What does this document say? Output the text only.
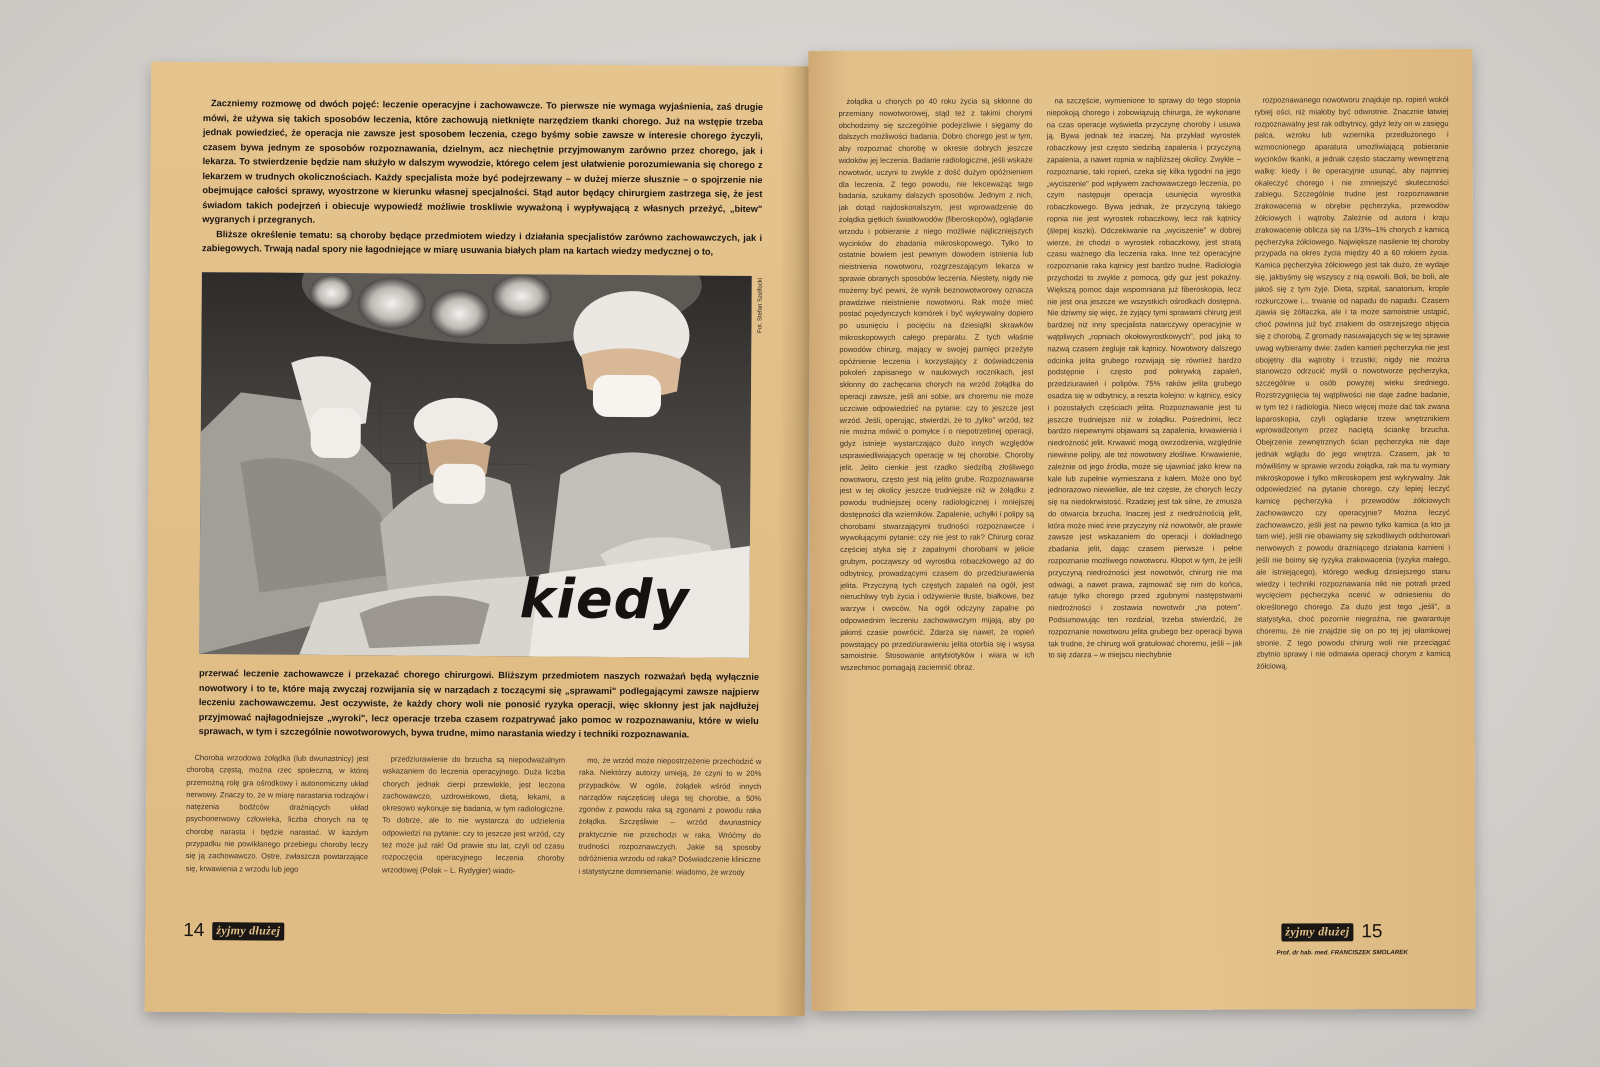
Zaczniemy rozmowę od dwóch pojęć: leczenie operacyjne i zachowawcze. To pierwsze nie wymaga wyjaśnienia, zaś drugie mówi, że używa się takich sposobów leczenia, które zachowują nietknięte narzędziem tkanki chorego. Już na wstępie trzeba jednak powiedzieć, że operacja nie zawsze jest sposobem leczenia, czego byśmy sobie zawsze w interesie chorego życzyli, czasem bywa jednym ze sposobów rozpoznawania, dzielnym, acz niechętnie przyjmowanym zarówno przez chorego, jak i lekarza. To stwierdzenie będzie nam służyło w dalszym wywodzie, którego celem jest ułatwienie porozumiewania się chorego z lekarzem w trudnych okolicznościach. Każdy specjalista może być podejrzewany – w dużej mierze słusznie – o spojrzenie nie obejmujące całości sprawy, wyostrzone w kierunku własnej specjalności. Stąd autor będący chirurgiem zastrzega się, że jest świadom takich podejrzeń i obiecuje wypowiedź możliwie troskliwie wyważoną i wypływającą z własnych przeżyć, „bitew" wygranych i przegranych.

Bliższe określenie tematu: są choroby będące przedmiotem wiedzy i działania specjalistów zarówno zachowawczych, jak i zabiegowych. Trwają nadal spory nie łagodniejące w miarę usuwania białych plam na kartach wiedzy medycznej o to,

Fot. Stefan Szelfocki
kiedy
przerwać leczenie zachowawcze i przekazać chorego chirurgowi. Bliższym przedmiotem naszych rozważań będą wyłącznie nowotwory i to te, które mają zwyczaj rozwijania się w narządach z toczącymi się „sprawami" podlegającymi zawsze najpierw leczeniu zachowawczemu. Jest oczywiste, że każdy chory woli nie ponosić ryzyka operacji, więc skłonny jest jak najdłużej przyjmować najłagodniejsze „wyroki", lecz operacje trzeba czasem rozpatrywać jako pomoc w rozpoznawaniu, które w wielu sprawach, w tym i szczególnie nowotworowych, bywa trudne, mimo narastania wiedzy i techniki rozpoznawania.
Choroba wrzodowa żołądka (lub dwunastnicy) jest chorobą częstą, można rzec społeczną, w której przemożną rolę gra ośrodkowy i autonomiczny układ nerwowy. Znaczy to, że w miarę narastania rodzajów i natężenia bodźców drażniących układ psychonerwowy człowieka, liczba chorych na tę chorobę narasta i będzie narastać. W każdym przypadku nie powikłanego przebiegu choroby leczy się ją zachowawczo. Ostre, zwłaszcza powtarzające się, krwawienia z wrzodu lub jego
przedziurawienie do brzucha są niepodważalnym wskazaniem do leczenia operacyjnego. Duża liczba chorych jednak cierpi przewlekle, jest leczona zachowawczo, uzdrowiskowo, dietą, lekami, a okresowo wykonuje się badania, w tym radiologiczne. To dobrze, ale to nie wystarcza do udzielenia odpowiedzi na pytanie: czy to jeszcze jest wrzód, czy też może już rak! Od prawie stu lat, czyli od czasu rozpoczęcia operacyjnego leczenia choroby wrzodowej (Polak – L. Rydygier) wiado-
mo, że wrzód może niepostrzeżenie przechodzić w raka. Niektórzy autorzy umieją, że czyni to w 20% przypadków. W ogóle, żołądek wśród innych narządów najczęściej ulega tej chorobie, a 50% zgonów z powodu raka są zgonami z powodu raka żołądka. Szczęśliwie – wrzód dwunastnicy praktycznie nie przechodzi w raka. Wróćmy do trudności rozpoznawczych. Jakie są sposoby odróżnienia wrzodu od raka? Doświadczenie kliniczne i statystyczne domniemanie: wiadomo, że wrzody
14 żyjmy dłużej
żołądka u chorych po 40 roku życia są skłonne do przemiany nowotworowej, stąd też z takimi chorymi obchodzimy się szczególnie podejrzliwie i sięgamy do dalszych możliwości badania. Dobro chorego jest w tym, aby rozpoznać chorobę w okresie dobrych jeszcze widoków jej leczenia. Badanie radiologiczne, jeśli wskaże nowotwór, uczyni to zwykle z dość dużym opóźnieniem dla leczenia. Z tego powodu, nie lekceważąc tego badania, szukamy dalszych sposobów. Jednym z nich, jak dotąd najdoskonalszym, jest wprowadzenie do żołądka giętkich światłowodów (fiberoskopów), oglądanie wrzodu i pobieranie z niego możliwie najliczniejszych wycinków do zbadania mikroskopowego. Tylko to ostatnie bowiem jest pewnym dowodem istnienia lub nieistnienia nowotworu, rozgrzeszającym lekarza w sprawie obranych sposobów leczenia. Niestety, nigdy nie możemy być pewni, że wynik beznowotworowy oznacza prawdziwe nieistnienie nowotworu. Rak może mieć postać pojedynczych komórek i być wykrywalny dopiero po usunięciu i pocięciu na dziesiątki skrawków mikroskopowych całego preparatu. Z tych właśnie powodów chirurg, mający w swojej pamięci przeżyte opóźnienie leczenia i korzystający z doświadczenia pokoleń zapisanego w naukowych rocznikach, jest skłonny do zachęcania chorych na wrzód żołądka do operacji zawsze, jeśli ani sobie, ani choremu nie może uczciwie odpowiedzieć na pytanie: czy to jeszcze jest wrzód. Jeśli, operując, stwierdzi, że to „tylko" wrzód, też nie można mówić o pomyłce i o niepotrzebnej operacji, gdyż istnieje wystarczająco dużo innych względów usprawiedliwiających operację w tej chorobie. Choroby jelit. Jelito cienkie jest rzadko siedzibą złośliwego nowotworu, często jest nią jelito grube. Rozpoznawanie jest w tej okolicy jeszcze trudniejsze niż w żołądku z powodu trudniejszej oceny radiologicznej i mniejszej dostępności dla wzierników. Zapalenie, uchyłki i polipy są chorobami stwarzającymi trudności rozpoznawcze i wywołującymi pytanie: czy nie jest to rak? Chirurg coraz częściej styka się z zapalnymi chorobami w jelicie grubym, począwszy od wyrostka robaczkowego aż do odbytnicy, prowadzącymi czasem do przedziurawienia jelita. Przyczyną tych częstych zapaleń na ogół, jest nieruchliwy tryb życia i odżywienie tłuste, białkowe, bez warzyw i owoców. Na ogół odczyny zapalne po odpowiednim leczeniu zachowawczym mijają, aby po jakimś czasie powrócić. Zdarza się nawet, że ropień powstający po przedziurawieniu jelita otorbia się i wsysa samoistnie. Stosowanie antybiotyków i wiara w ich wszechmoc pomagają zaciemnić obraz.
na szczęście, wymienione to sprawy do tego stopnia niepokoją chorego i zobowiązują chirurga, że wykonane na czas operacje wyświetla przyczynę choroby i usuwa ją. Bywa jednak też inaczej. Na przykład wyrostek robaczkowy jest często siedzibą zapalenia i przyczyną zapalenia, a nawet ropnia w najbliższej okolicy. Zwykle – rozpoznanie, taki ropień, czeka się kilka tygodni na jego „wyciszenie" pod wpływem zachowawczego leczenia, po czym następuje operacja usunięcia wyrostka robaczkowego. Bywa jednak, że przyczyną takiego ropnia nie jest wyrostek robaczkowy, lecz rak kątnicy (ślepej kiszki). Odczekiwanie na „wyciszenie" w dobrej wierze, że chodzi o wyrostek robaczkowy, jest stratą czasu ważnego dla leczenia raka. Inne też operacyjne rozpoznanie raka kątnicy jest bardzo trudne. Radiologia przychodzi to zwykle z pomocą, gdy guz jest pokaźny. Większą pomoc daje wspomniana już fiberoskopia, lecz nie jest ona jeszcze we wszystkich ośrodkach dostępna. Nie dziwmy się więc, że żyjący tymi sprawami chirurg jest bardziej niż inny specjalista natarczywy operacyjnie w wątpliwych „ropniach okołowyrostkowych", pod jaką to nazwą czasem żegluje rak kątnicy. Nowotwory dalszego odcinka jelita grubego rozwijają się również bardzo podstępnie i często pod pokrywką zapaleń, przedziurawień i polipów. 75% raków jelita grubego osadza się w odbytnicy, a reszta kolejno: w kątnicy, esicy i pozostałych częściach jelita. Rozpoznawanie jest tu jeszcze trudniejsze niż w żołądku. Pośrednimi, lecz bardzo niepewnymi objawami są zapalenia, krwawienia i niedrożność jelit. Krwawić mogą owrzodzenia, względnie niewinne polipy, ale też nowotwory złośliwe. Krwawienie, zależnie od jego źródła, może się ujawniać jako krew na kale lub zupełnie wymieszana z kałem. Może ono być jednorazowo niewielkie, ale też częste, że chorych leczy się na niedokrwistość. Rzadziej jest tak silne, że zmusza do otwarcia brzucha. Inaczej jest z niedrożnością jelit, która może mieć inne przyczyny niż nowotwór, ale prawie zawsze jest wskazaniem do operacji i dokładnego zbadania jelit, dając czasem pierwsze i pełne rozpoznanie możliwego nowotworu. Kłopot w tym, że jeśli przyczyną niedrożności jest nowotwór, chirurg nie ma odwagi, a nawet prawa, zajmować się nim do końca, ratuje tylko chorego przed zgubnymi następstwami niedrożności i zostawia nowotwór „na potem". Podsumowując ten rozdział, trzeba stwierdzić, że rozpoznanie nowotworu jelita grubego bez operacji bywa tak trudne, że chirurg woli gratulować choremu, jeśli – jak to się zdarza – w miejscu niechybnie
rozpoznawanego nowotworu znajduje np. ropień wokół rybiej ości, niż miałoby być odwrotnie. Znacznie łatwiej rozpoznawalny jest rak odbytnicy, gdyż leży on w zasięgu palca, wzroku lub wziernika przedłużonego i wzmocnionego aparatura umożliwiającą pobieranie wycinków tkanki, a jednak często staczamy wewnętrzną walkę: kiedy i ile operacyjnie usunąć, aby najmniej okaleczyć chorego i nie zmniejszyć skuteczności zabiegu. Szczególnie trudne jest rozpoznawanie zrakowacenia w obrębie pęcherzyka, przewodów żółciowych i wątroby. Zależnie od autora i kraju zrakowacenie oblicza się na 1/3%–1% chorych z kamicą pęcherzyka żółciowego. Największe nasilenie tej choroby przypada na okres życia między 40 a 60 rokiem życia. Kamica pęcherzyka żółciowego jest tak dużo, że wydaje się, jakbyśmy się wszyscy z nią oswoili. Boli, bo boli, ale jakoś się z tym żyje. Dieta, szpital, sanatorium, krople rozkurczowe i... trwanie od napadu do napadu. Czasem zjawia się żółtaczka, ale i ta może samoistnie ustąpić, choć powinna już być znakiem do ostrzejszego objęcia się z chorobą. Z gromady nasuwających się w tej sprawie uwag wybieramy dwie: żaden kamień pęcherzyka nie jest obojętny dla wątroby i trzustki; nigdy nie można stanowczo odrzucić myśli o nowotworze pęcherzyka, szczególnie u osób powyżej wieku średniego. Rozstrzygnięcia tej wątpliwości nie daje żadne badanie, w tym też i radiologia. Nieco więcej może dać tak zwana laparoskopia, czyli oglądanie trzew wnętrznikiem wprowadzonym przez naciętą ściankę brzucha. Obejrzenie zewnętrznych ścian pęcherzyka nie daje jednak wglądu do jego wnętrza. Czasem, jak to mówiliśmy w sprawie wrzodu żołądka, rak ma tu wymiary mikroskopowe i tylko mikroskopem jest wykrywalny. Jak odpowiedzieć na pytanie chorego, czy lepiej leczyć kamicę pęcherzyka i przewodów żółciowych zachowawczo czy operacyjnie? Można leczyć zachowawczo, jeśli jest na pewno tylko kamica (a kto ja tam wie), jeśli nie obawiamy się szkodliwych odchorowań nerwowych z powodu drażniącego działania kamieni i jeśli nie boimy się ryzyka zrakowacenia (ryzyka małego, ale istniejącego), którego według dzisiejszego stanu wiedzy i techniki rozpoznawania nikt nie potrafi przed wycięciem pęcherzyka ocenić w odniesieniu do określonego chorego. Za dużo jest tego „jeśli", a statystyka, choć pozornie niegroźna, nie gwarantuje choremu, że nie znajdzie się on po tej jej ułamkowej stronie. Z tego powodu chirurg woli nie przeciągać zbytnio sprawy i nie odmawia operacji chorym z kamicą żółciową.
Prof. dr hab. med. FRANCISZEK SMOLAREK
żyjmy dłużej 15
